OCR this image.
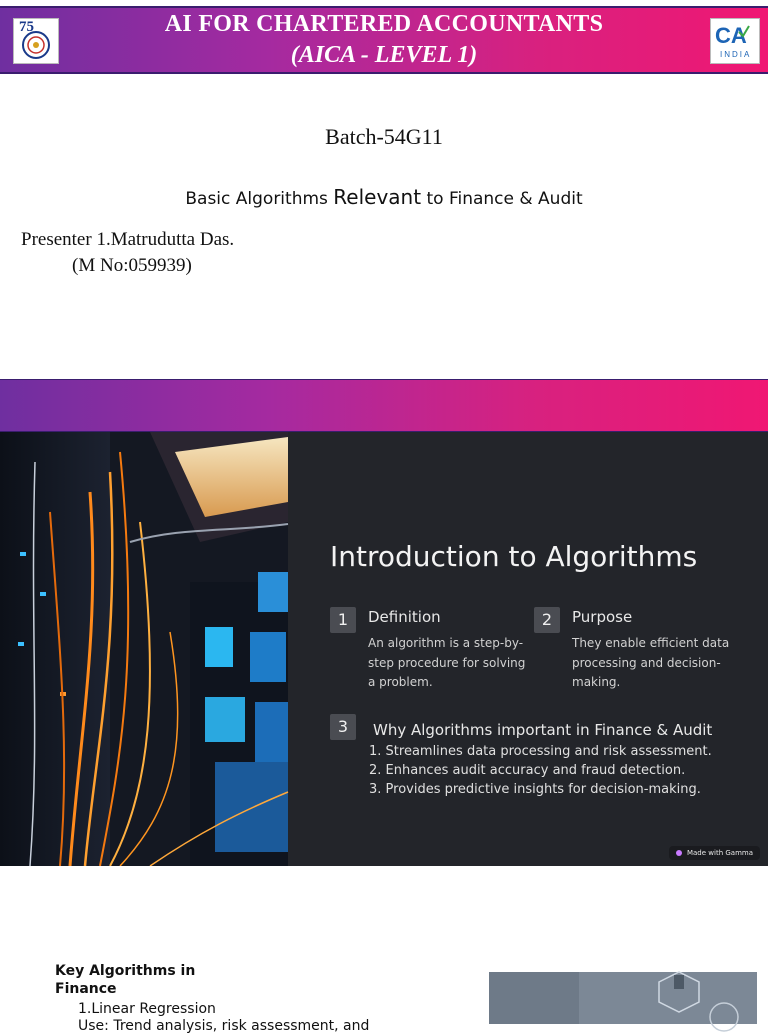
75	AI FOR CHARTERED ACCOUNTANTS
(AICA - LEVEL 1)
CA
INDIA
Batch-54G11
Basic Algorithms Relevant to Finance & Audit
Presenter 1.Matrudutta Das.
(M No:059939)
Introduction to Algorithms
1	Definition
An algorithm is a step-by-
step procedure for solving
a problem.
2	Purpose
They enable efficient data
processing and decision-
making.
3	Why Algorithms important in Finance & Audit
1. Streamlines data processing and risk assessment.
2. Enhances audit accuracy and fraud detection.
3. Provides predictive insights for decision-making.
Made with Gamma
Key Algorithms in
Finance
1.Linear Regression
Use: Trend analysis, risk assessment, and
